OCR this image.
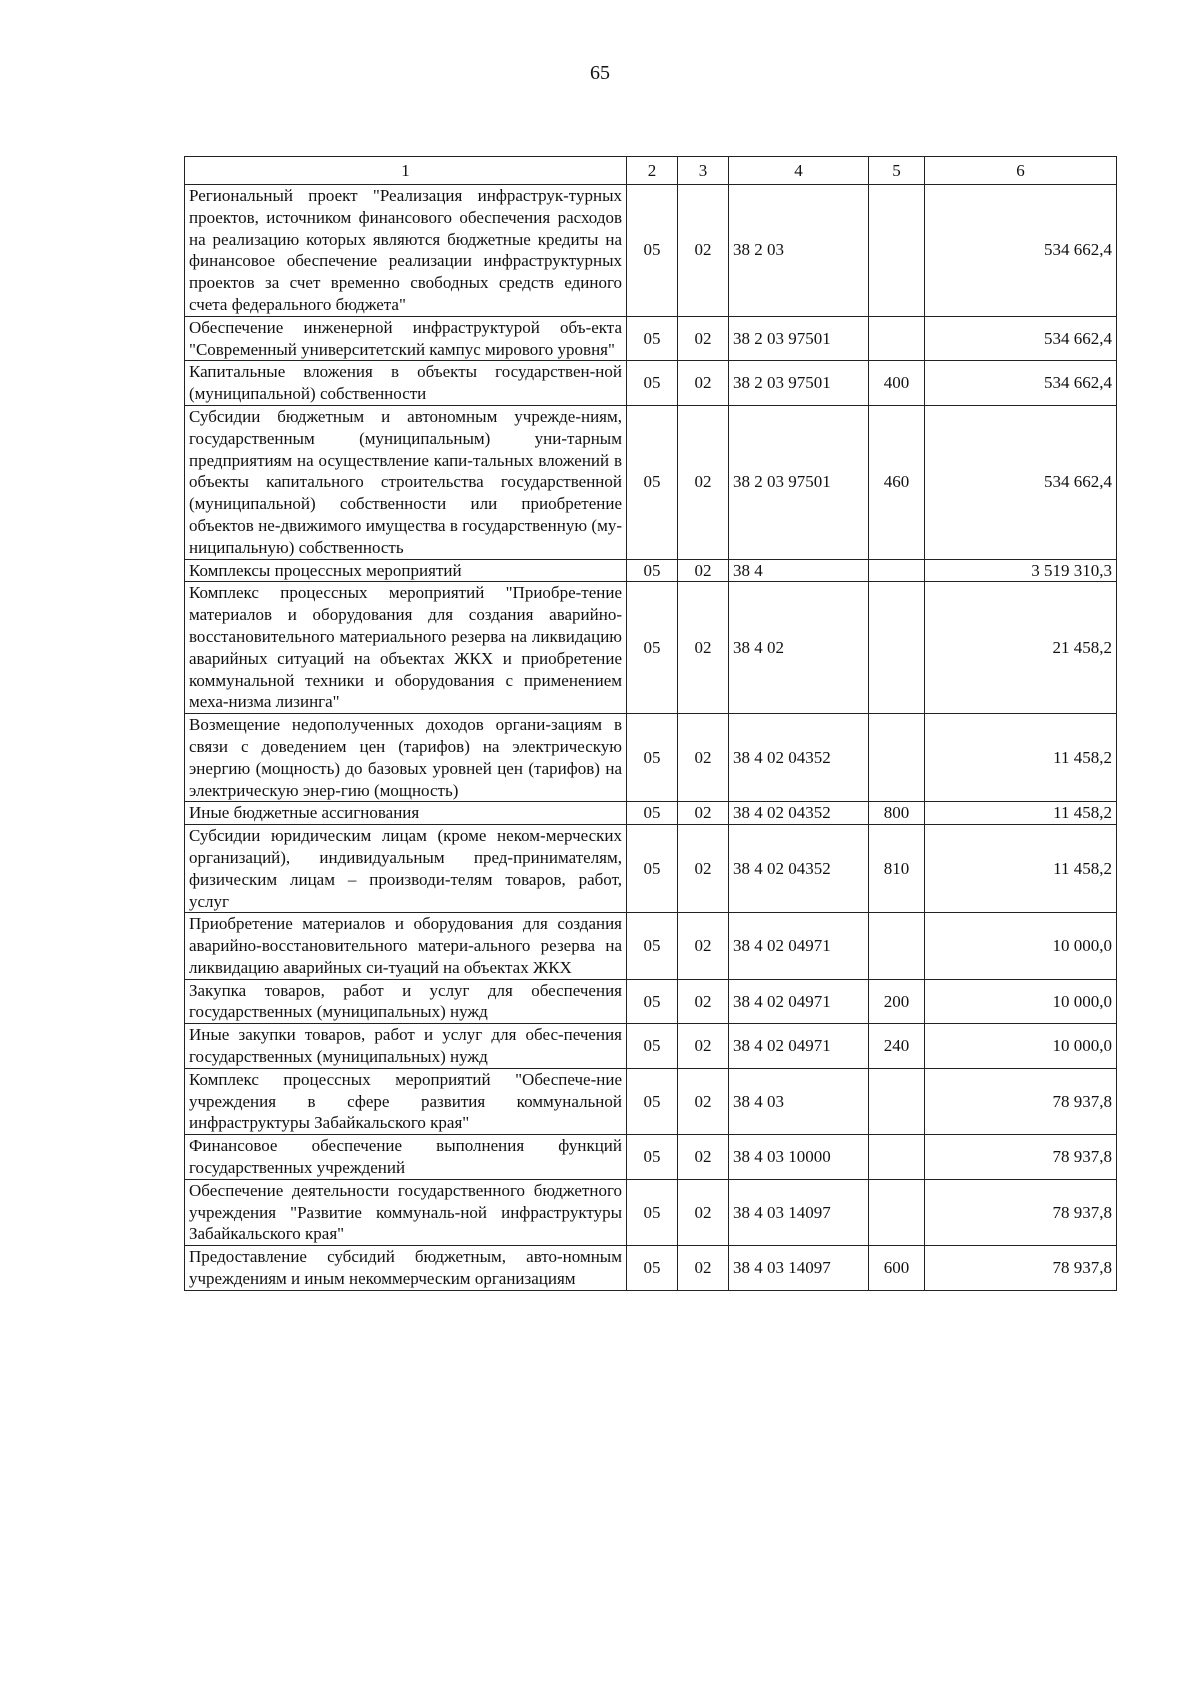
65
1	2	3	4	5	6
Региональный проект "Реализация инфраструк-турных проектов, источником финансового обеспечения расходов на реализацию которых являются бюджетные кредиты на финансовое обеспечение реализации инфраструктурных проектов за счет временно свободных средств единого счета федерального бюджета"	05	02	38 2 03		534 662,4
Обеспечение инженерной инфраструктурой объ-екта "Современный университетский кампус мирового уровня"	05	02	38 2 03 97501		534 662,4
Капитальные вложения в объекты государствен-ной (муниципальной) собственности	05	02	38 2 03 97501	400	534 662,4
Субсидии бюджетным и автономным учрежде-ниям, государственным (муниципальным) уни-тарным предприятиям на осуществление капи-тальных вложений в объекты капитального строительства государственной (муниципальной) собственности или приобретение объектов не-движимого имущества в государственную (му-ниципальную) собственность	05	02	38 2 03 97501	460	534 662,4
Комплексы процессных мероприятий	05	02	38 4		3 519 310,3
Комплекс процессных мероприятий "Приобре-тение материалов и оборудования для создания аварийно-восстановительного материального резерва на ликвидацию аварийных ситуаций на объектах ЖКХ и приобретение коммунальной техники и оборудования с применением меха-низма лизинга"	05	02	38 4 02		21 458,2
Возмещение недополученных доходов органи-зациям в связи с доведением цен (тарифов) на электрическую энергию (мощность) до базовых уровней цен (тарифов) на электрическую энер-гию (мощность)	05	02	38 4 02 04352		11 458,2
Иные бюджетные ассигнования	05	02	38 4 02 04352	800	11 458,2
Субсидии юридическим лицам (кроме неком-мерческих организаций), индивидуальным пред-принимателям, физическим лицам – производи-телям товаров, работ, услуг	05	02	38 4 02 04352	810	11 458,2
Приобретение материалов и оборудования для создания аварийно-восстановительного матери-ального резерва на ликвидацию аварийных си-туаций на объектах ЖКХ	05	02	38 4 02 04971		10 000,0
Закупка товаров, работ и услуг для обеспечения государственных (муниципальных) нужд	05	02	38 4 02 04971	200	10 000,0
Иные закупки товаров, работ и услуг для обес-печения государственных (муниципальных) нужд	05	02	38 4 02 04971	240	10 000,0
Комплекс процессных мероприятий "Обеспече-ние учреждения в сфере развития коммунальной инфраструктуры Забайкальского края"	05	02	38 4 03		78 937,8
Финансовое обеспечение выполнения функций государственных учреждений	05	02	38 4 03 10000		78 937,8
Обеспечение деятельности государственного бюджетного учреждения "Развитие коммуналь-ной инфраструктуры Забайкальского края"	05	02	38 4 03 14097		78 937,8
Предоставление субсидий бюджетным, авто-номным учреждениям и иным некоммерческим организациям	05	02	38 4 03 14097	600	78 937,8
